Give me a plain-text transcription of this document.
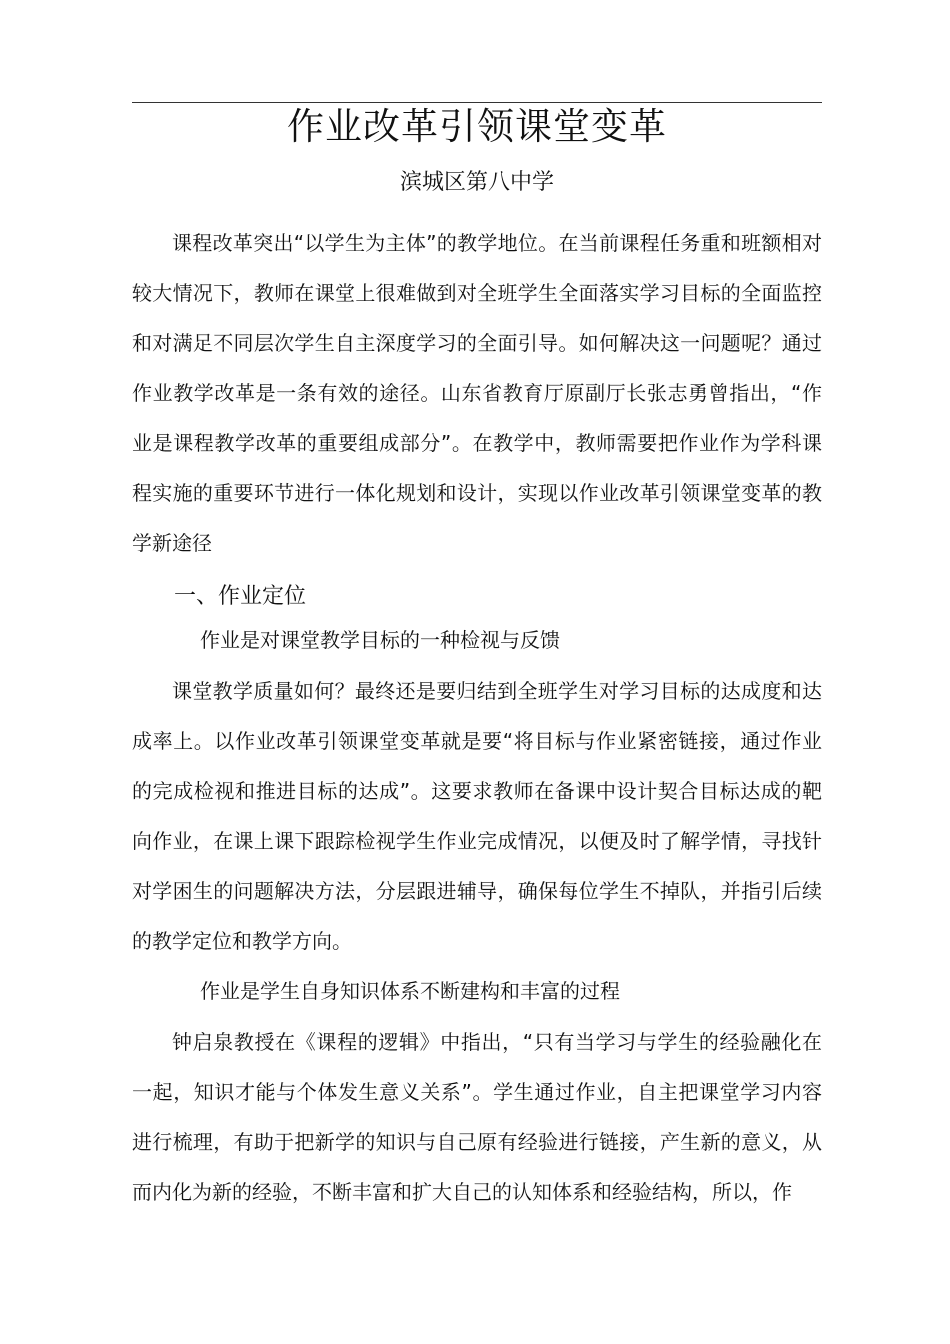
作业改革引领课堂变革
滨城区第八中学

课程改革突出“以学生为主体”的教学地位。在当前课程任务重和班额相对较大情况下，教师在课堂上很难做到对全班学生全面落实学习目标的全面监控和对满足不同层次学生自主深度学习的全面引导。如何解决这一问题呢？通过作业教学改革是一条有效的途径。山东省教育厅原副厅长张志勇曾指出，“作业是课程教学改革的重要组成部分”。在教学中，教师需要把作业作为学科课程实施的重要环节进行一体化规划和设计，实现以作业改革引领课堂变革的教学新途径

一、作业定位
作业是对课堂教学目标的一种检视与反馈

课堂教学质量如何？最终还是要归结到全班学生对学习目标的达成度和达成率上。以作业改革引领课堂变革就是要“将目标与作业紧密链接，通过作业的完成检视和推进目标的达成”。这要求教师在备课中设计契合目标达成的靶向作业，在课上课下跟踪检视学生作业完成情况，以便及时了解学情，寻找针对学困生的问题解决方法，分层跟进辅导，确保每位学生不掉队，并指引后续的教学定位和教学方向。

作业是学生自身知识体系不断建构和丰富的过程

钟启泉教授在《课程的逻辑》中指出，“只有当学习与学生的经验融化在一起，知识才能与个体发生意义关系”。学生通过作业，自主把课堂学习内容进行梳理，有助于把新学的知识与自己原有经验进行链接，产生新的意义，从而内化为新的经验，不断丰富和扩大自己的认知体系和经验结构，所以，作
